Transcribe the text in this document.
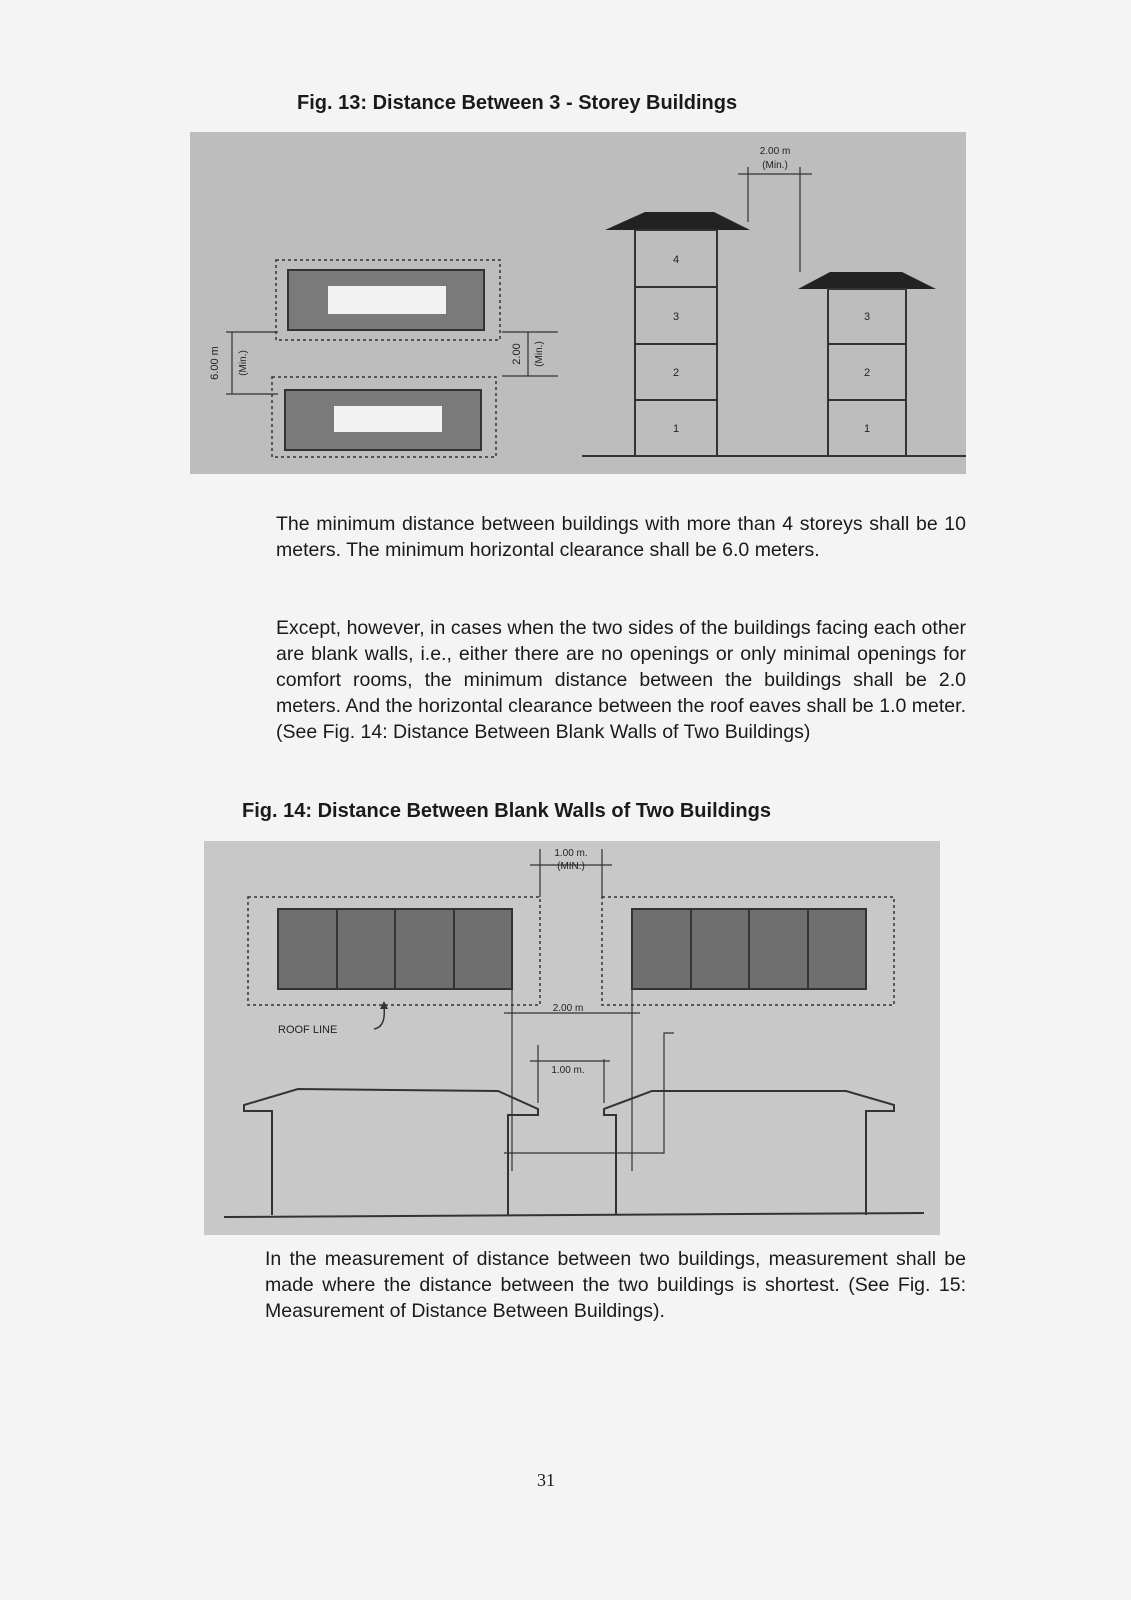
Fig. 13: Distance Between 3 - Storey Buildings
6.00 m (Min.)	2.00 (Min.)
2.00 m
(Min.)
4
3
2
1
3
2
1

The minimum distance between buildings with more than 4 storeys shall be 10 meters. The minimum horizontal clearance shall be 6.0 meters.

Except, however, in cases when the two sides of the buildings facing each other are blank walls, i.e., either there are no openings or only minimal openings for comfort rooms, the minimum distance between the buildings shall be 2.0 meters. And the horizontal clearance between the roof eaves shall be 1.0 meter. (See Fig. 14: Distance Between Blank Walls of Two Buildings)

Fig. 14: Distance Between Blank Walls of Two Buildings
1.00 m.
(MIN.)
ROOF LINE
2.00 m
1.00 m.

In the measurement of distance between two buildings, measurement shall be made where the distance between the two buildings is shortest. (See Fig. 15: Measurement of Distance Between Buildings).

31
